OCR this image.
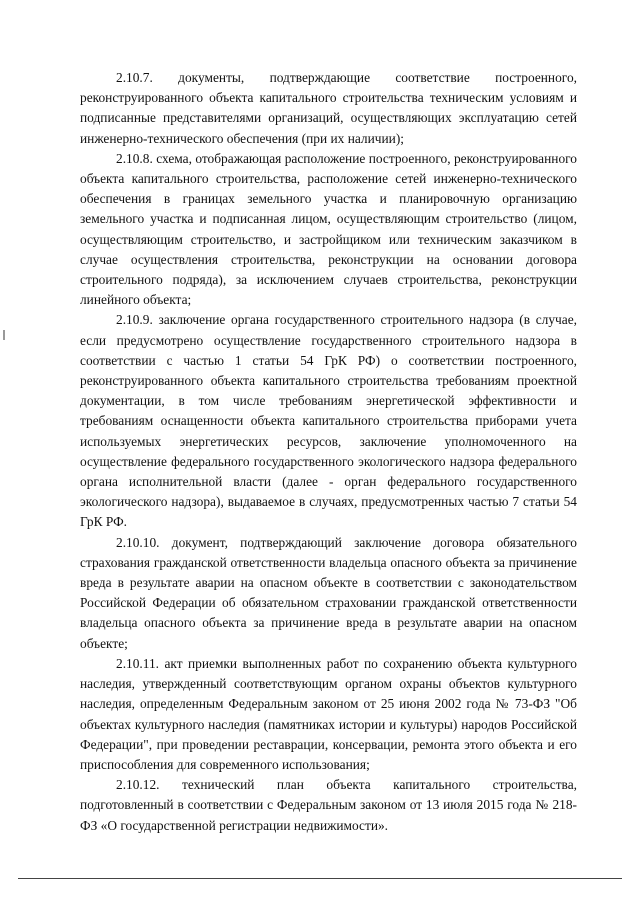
2.10.7. документы, подтверждающие соответствие построенного, реконструированного объекта капитального строительства техническим условиям и подписанные представителями организаций, осуществляющих эксплуатацию сетей инженерно-технического обеспечения (при их наличии);

2.10.8. схема, отображающая расположение построенного, реконструированного объекта капитального строительства, расположение сетей инженерно-технического обеспечения в границах земельного участка и планировочную организацию земельного участка и подписанная лицом, осуществляющим строительство (лицом, осуществляющим строительство, и застройщиком или техническим заказчиком в случае осуществления строительства, реконструкции на основании договора строительного подряда), за исключением случаев строительства, реконструкции линейного объекта;

2.10.9. заключение органа государственного строительного надзора (в случае, если предусмотрено осуществление государственного строительного надзора в соответствии с частью 1 статьи 54 ГрК РФ) о соответствии построенного, реконструированного объекта капитального строительства требованиям проектной документации, в том числе требованиям энергетической эффективности и требованиям оснащенности объекта капитального строительства приборами учета используемых энергетических ресурсов, заключение уполномоченного на осуществление федерального государственного экологического надзора федерального органа исполнительной власти (далее - орган федерального государственного экологического надзора), выдаваемое в случаях, предусмотренных частью 7 статьи 54 ГрК РФ.

2.10.10. документ, подтверждающий заключение договора обязательного страхования гражданской ответственности владельца опасного объекта за причинение вреда в результате аварии на опасном объекте в соответствии с законодательством Российской Федерации об обязательном страховании гражданской ответственности владельца опасного объекта за причинение вреда в результате аварии на опасном объекте;

2.10.11. акт приемки выполненных работ по сохранению объекта культурного наследия, утвержденный соответствующим органом охраны объектов культурного наследия, определенным Федеральным законом от 25 июня 2002 года № 73-ФЗ "Об объектах культурного наследия (памятниках истории и культуры) народов Российской Федерации", при проведении реставрации, консервации, ремонта этого объекта и его приспособления для современного использования;

2.10.12. технический план объекта капитального строительства, подготовленный в соответствии с Федеральным законом от 13 июля 2015 года № 218-ФЗ «О государственной регистрации недвижимости».
